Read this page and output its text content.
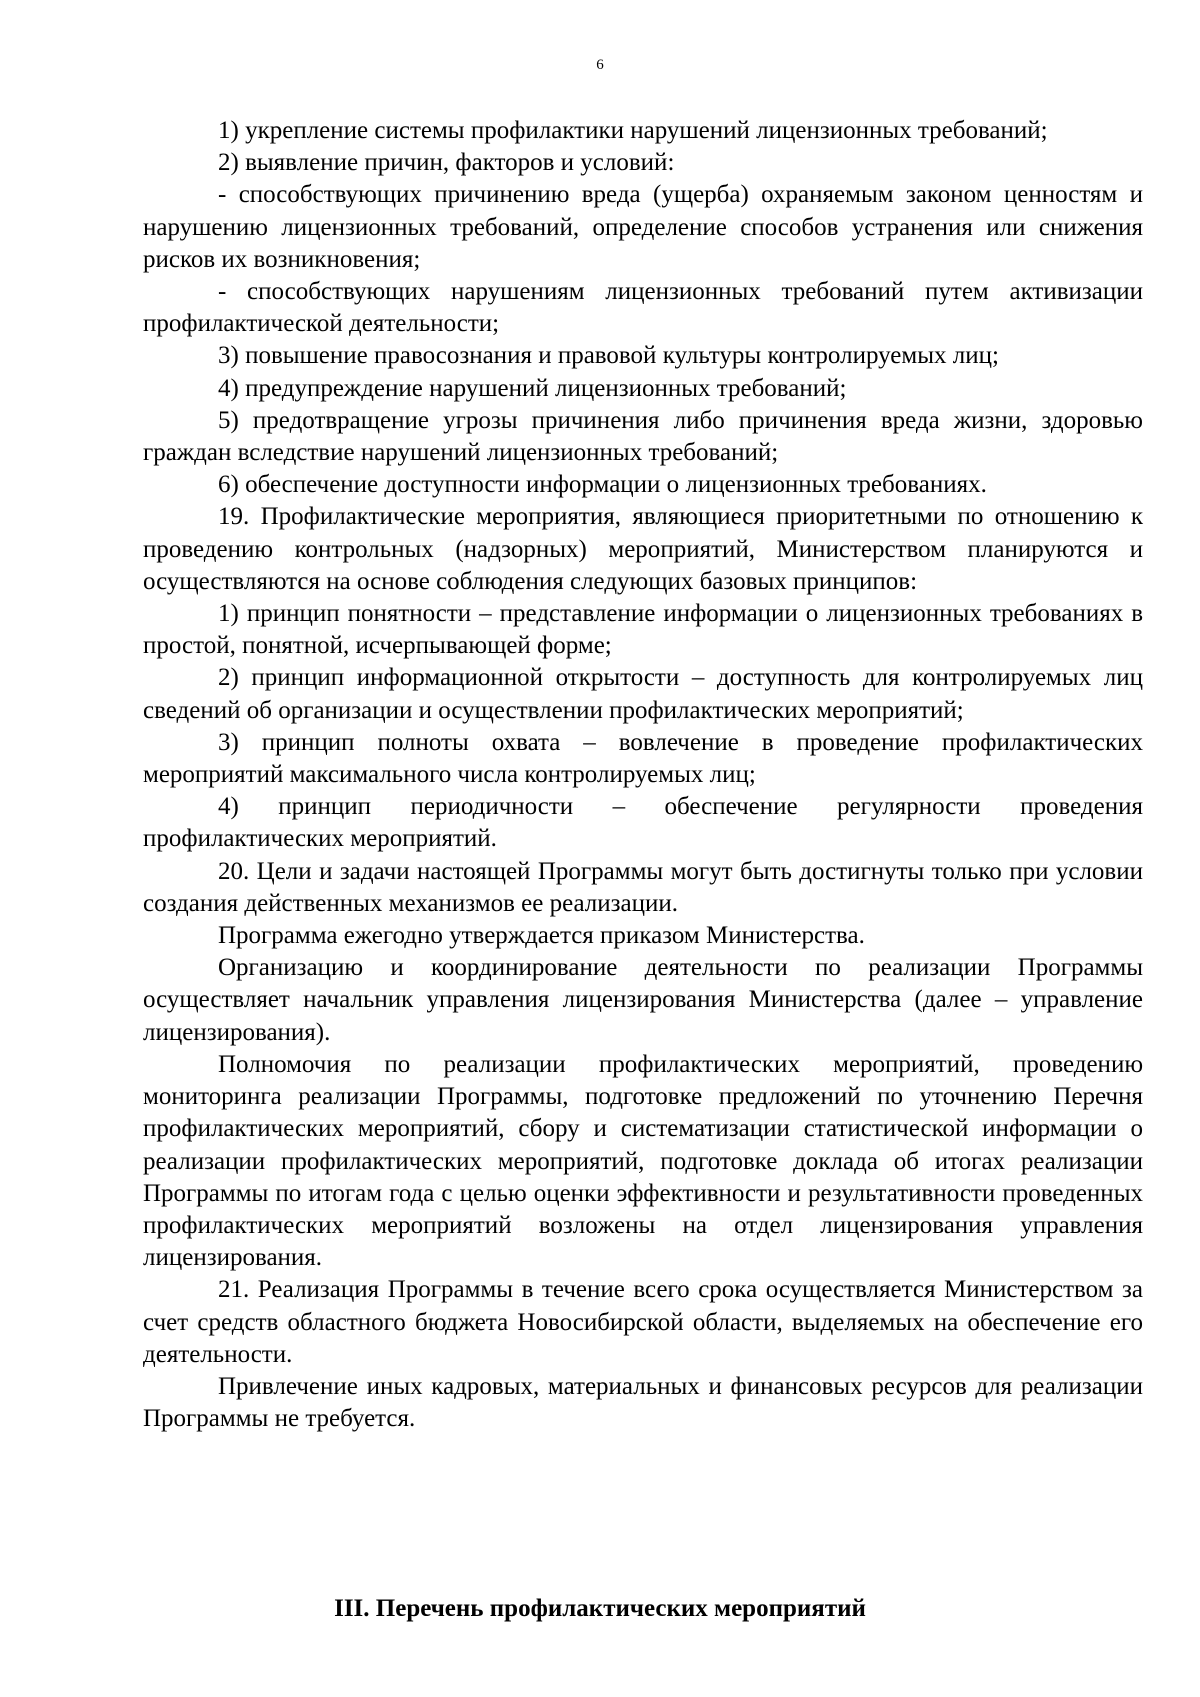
6

1) укрепление системы профилактики нарушений лицензионных требований;

2) выявление причин, факторов и условий:

- способствующих причинению вреда (ущерба) охраняемым законом ценностям и нарушению лицензионных требований, определение способов устранения или снижения рисков их возникновения;

- способствующих нарушениям лицензионных требований путем активизации профилактической деятельности;

3) повышение правосознания и правовой культуры контролируемых лиц;

4) предупреждение нарушений лицензионных требований;

5) предотвращение угрозы причинения либо причинения вреда жизни, здоровью граждан вследствие нарушений лицензионных требований;

6) обеспечение доступности информации о лицензионных требованиях.

19. Профилактические мероприятия, являющиеся приоритетными по отношению к проведению контрольных (надзорных) мероприятий, Министерством планируются и осуществляются на основе соблюдения следующих базовых принципов:

1) принцип понятности – представление информации о лицензионных требованиях в простой, понятной, исчерпывающей форме;

2) принцип информационной открытости – доступность для контролируемых лиц сведений об организации и осуществлении профилактических мероприятий;

3) принцип полноты охвата – вовлечение в проведение профилактических мероприятий максимального числа контролируемых лиц;

4) принцип периодичности – обеспечение регулярности проведения профилактических мероприятий.

20. Цели и задачи настоящей Программы могут быть достигнуты только при условии создания действенных механизмов ее реализации.

Программа ежегодно утверждается приказом Министерства.

Организацию и координирование деятельности по реализации Программы осуществляет начальник управления лицензирования Министерства (далее – управление лицензирования).

Полномочия по реализации профилактических мероприятий, проведению мониторинга реализации Программы, подготовке предложений по уточнению Перечня профилактических мероприятий, сбору и систематизации статистической информации о реализации профилактических мероприятий, подготовке доклада об итогах реализации Программы по итогам года с целью оценки эффективности и результативности проведенных профилактических мероприятий возложены на отдел лицензирования управления лицензирования.

21. Реализация Программы в течение всего срока осуществляется Министерством за счет средств областного бюджета Новосибирской области, выделяемых на обеспечение его деятельности.

Привлечение иных кадровых, материальных и финансовых ресурсов для реализации Программы не требуется.

III. Перечень профилактических мероприятий
